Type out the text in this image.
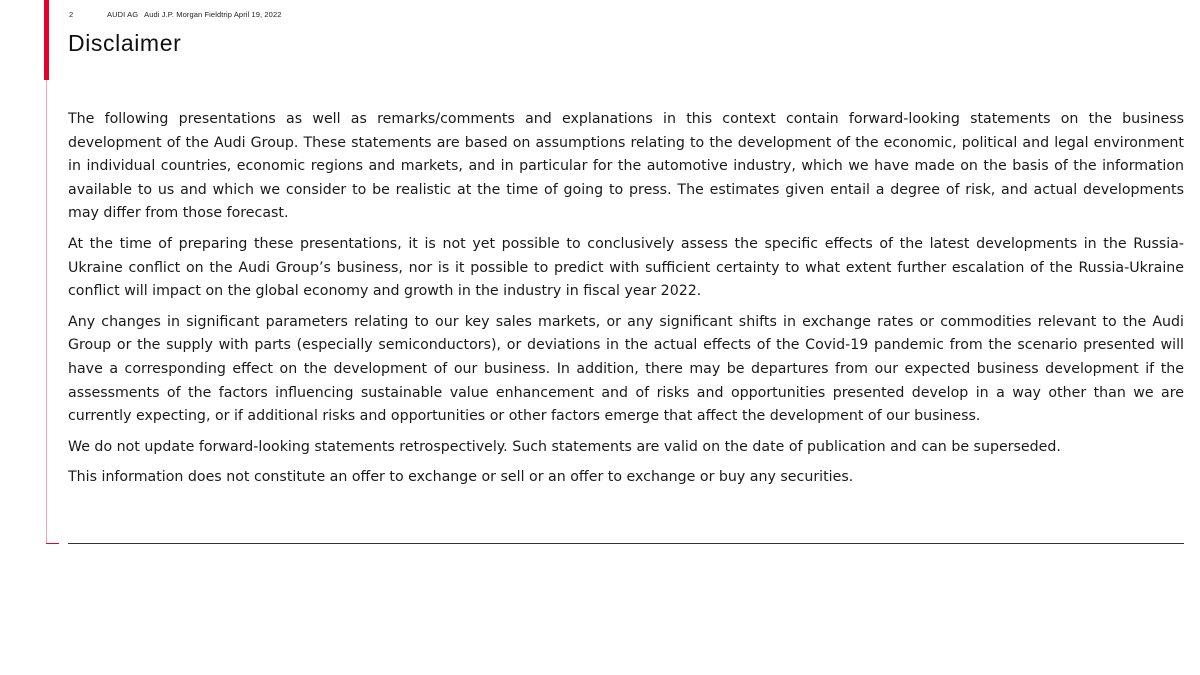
2	AUDI AG Audi J.P. Morgan Fieldtrip April 19, 2022
Disclaimer

The following presentations as well as remarks/comments and explanations in this context contain forward-looking statements on the business development of the Audi Group. These statements are based on assumptions relating to the development of the economic, political and legal environment in individual countries, economic regions and markets, and in particular for the automotive industry, which we have made on the basis of the information available to us and which we consider to be realistic at the time of going to press. The estimates given entail a degree of risk, and actual developments may differ from those forecast.

At the time of preparing these presentations, it is not yet possible to conclusively assess the specific effects of the latest developments in the Russia-Ukraine conflict on the Audi Group’s business, nor is it possible to predict with sufficient certainty to what extent further escalation of the Russia-Ukraine conflict will impact on the global economy and growth in the industry in fiscal year 2022.

Any changes in significant parameters relating to our key sales markets, or any significant shifts in exchange rates or commodities relevant to the Audi Group or the supply with parts (especially semiconductors), or deviations in the actual effects of the Covid-19 pandemic from the scenario presented will have a corresponding effect on the development of our business. In addition, there may be departures from our expected business development if the assessments of the factors influencing sustainable value enhancement and of risks and opportunities presented develop in a way other than we are currently expecting, or if additional risks and opportunities or other factors emerge that affect the development of our business.

We do not update forward-looking statements retrospectively. Such statements are valid on the date of publication and can be superseded.

This information does not constitute an offer to exchange or sell or an offer to exchange or buy any securities.
